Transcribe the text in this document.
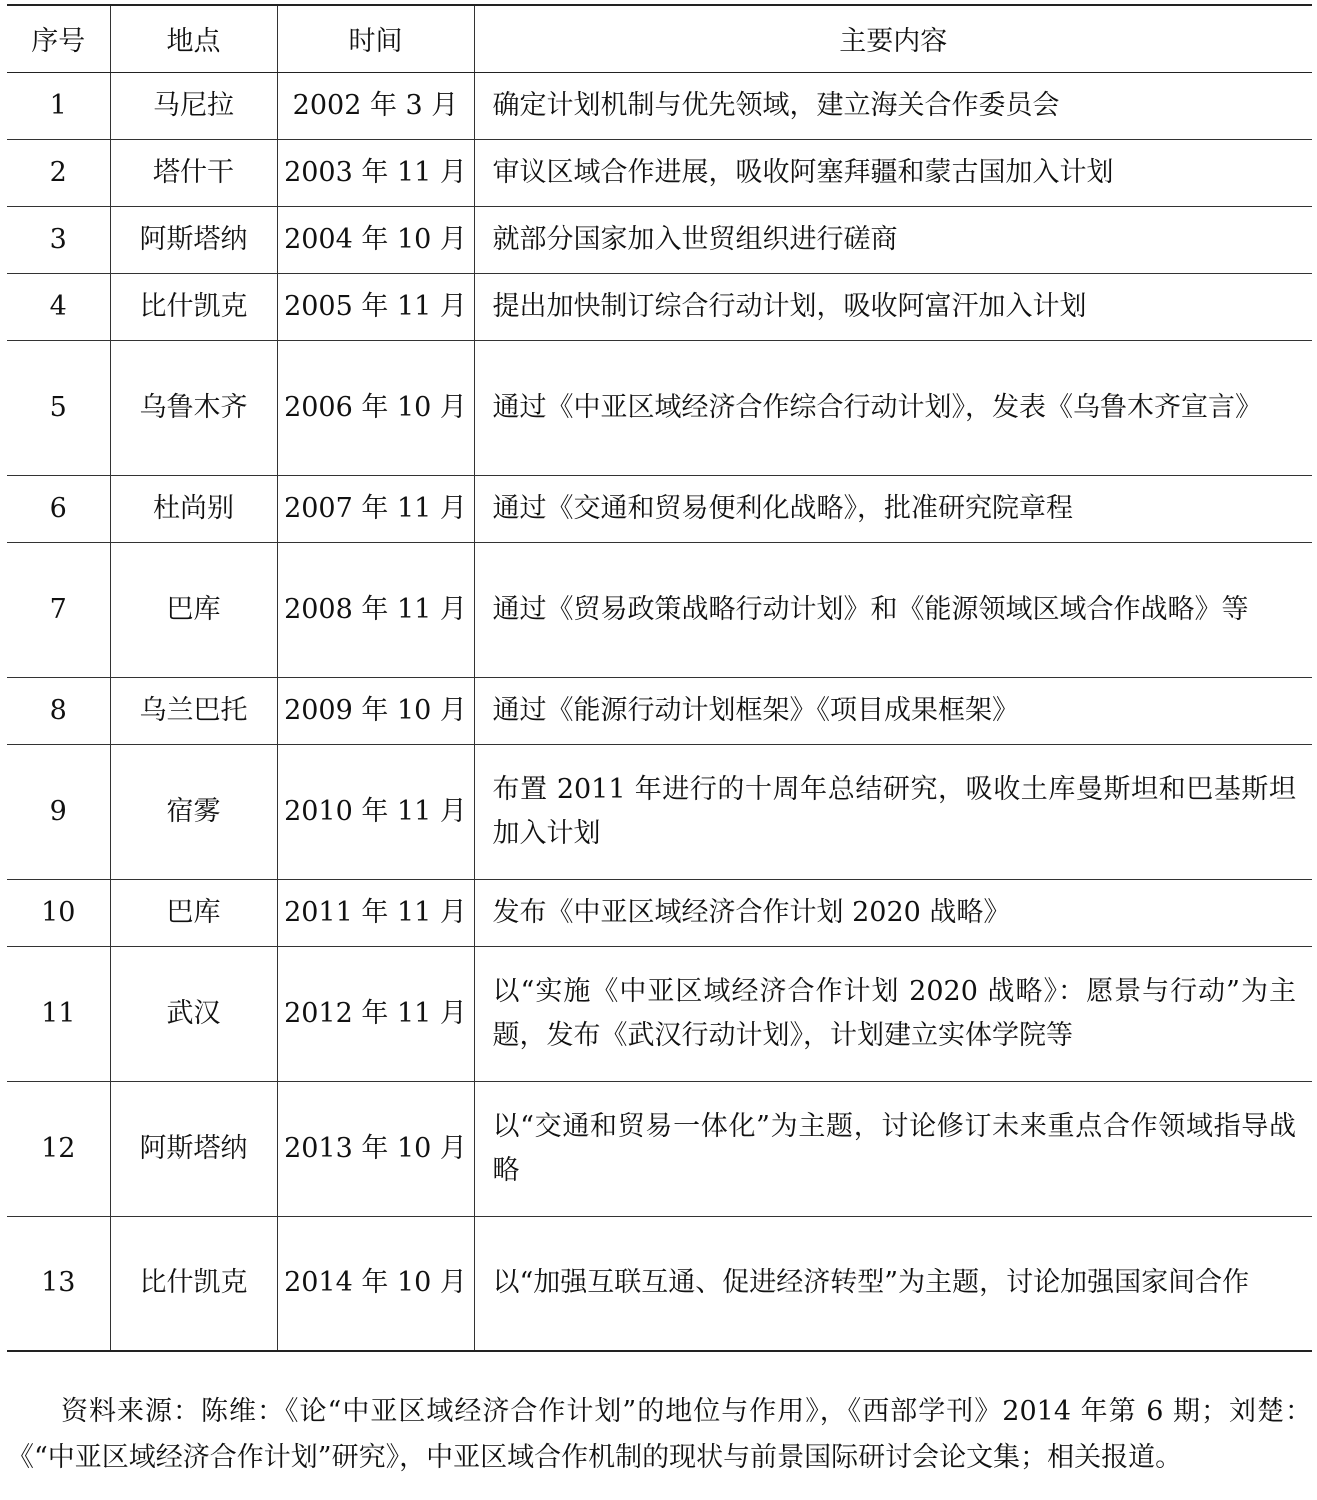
序号	地点	时间	主要内容
1	马尼拉	2002 年 3 月	确定计划机制与优先领域，建立海关合作委员会
2	塔什干	2003 年 11 月	审议区域合作进展，吸收阿塞拜疆和蒙古国加入计划
3	阿斯塔纳	2004 年 10 月	就部分国家加入世贸组织进行磋商
4	比什凯克	2005 年 11 月	提出加快制订综合行动计划，吸收阿富汗加入计划
5	乌鲁木齐	2006 年 10 月	通过《中亚区域经济合作综合行动计划》，发表《乌鲁木齐宣言》
6	杜尚别	2007 年 11 月	通过《交通和贸易便利化战略》，批准研究院章程
7	巴库	2008 年 11 月	通过《贸易政策战略行动计划》和《能源领域区域合作战略》等
8	乌兰巴托	2009 年 10 月	通过《能源行动计划框架》《项目成果框架》
9	宿雾	2010 年 11 月	布置 2011 年进行的十周年总结研究，吸收土库曼斯坦和巴基斯坦加入计划
10	巴库	2011 年 11 月	发布《中亚区域经济合作计划 2020 战略》
11	武汉	2012 年 11 月	以“实施《中亚区域经济合作计划 2020 战略》：愿景与行动”为主题，发布《武汉行动计划》，计划建立实体学院等
12	阿斯塔纳	2013 年 10 月	以“交通和贸易一体化”为主题，讨论修订未来重点合作领域指导战略
13	比什凯克	2014 年 10 月	以“加强互联互通、促进经济转型”为主题，讨论加强国家间合作

资料来源：陈维：《论“中亚区域经济合作计划”的地位与作用》，《西部学刊》2014 年第 6 期；刘楚：《“中亚区域经济合作计划”研究》，中亚区域合作机制的现状与前景国际研讨会论文集；相关报道。
